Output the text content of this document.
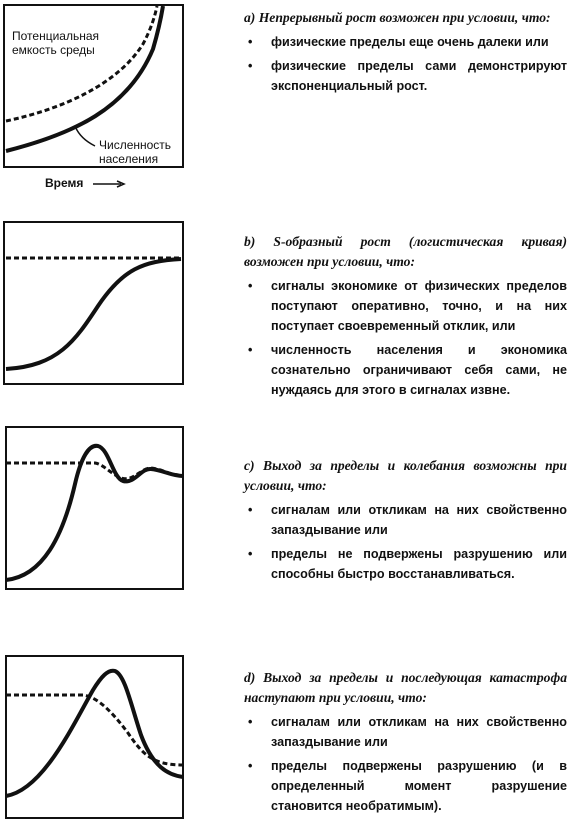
Потенциальная
емкость среды
Численность
населения
Время

a) Непрерывный рост возможен при условии, что:

• физические пределы еще очень далеки или

• физические пределы сами демонстрируют экспоненциальный рост.

b) S-образный рост (логистическая кривая) возможен при условии, что:

• сигналы экономике от физических пределов поступают оперативно, точно, и на них поступает своевременный отклик, или

• численность населения и экономика сознательно ограничивают себя сами, не нуждаясь для этого в сигналах извне.

c) Выход за пределы и колебания возможны при условии, что:

• сигналам или откликам на них свойственно запаздывание или

• пределы не подвержены разрушению или способны быстро восстанавливаться.

d) Выход за пределы и последующая катастрофа наступают при условии, что:

• сигналам или откликам на них свойственно запаздывание или

• пределы подвержены разрушению (и в определенный момент разрушение становится необратимым).
